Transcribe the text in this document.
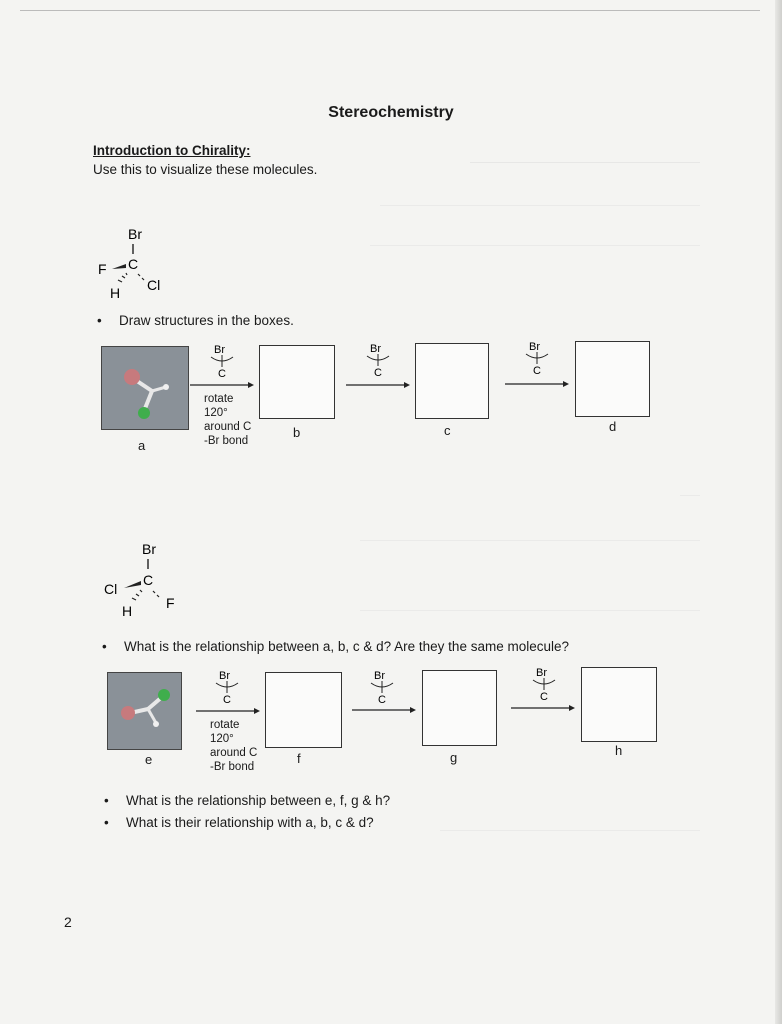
Stereochemistry
Introduction to Chirality:
Use this to visualize these molecules.
Br
C
F
H Cl
• Draw structures in the boxes.
a
Br
C
rotate
120°
around C
-Br bond
b
Br
C
c
Br
C
d
Br
C
Cl
H F
• What is the relationship between a, b, c & d? Are they the same molecule?
e
Br
C
rotate
120°
around C
-Br bond
f
Br
C
g
Br
C
h
• What is the relationship between e, f, g & h?
• What is their relationship with a, b, c & d?
2
